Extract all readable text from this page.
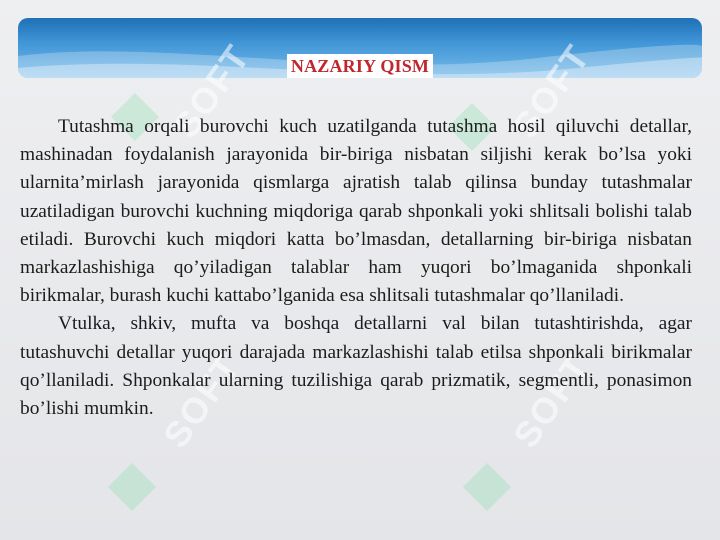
SOFT	SOFT
SOFT	SOFT
NAZARIY QISM

Tutashma orqali burovchi kuch uzatilganda tutashma hosil qiluvchi detallar, mashinadan foydalanish jarayonida bir-biriga nisbatan siljishi kerak bo’lsa yoki ularnita’mirlash jarayonida qismlarga ajratish talab qilinsa bunday tutashmalar uzatiladigan burovchi kuchning miqdoriga qarab shponkali yoki shlitsali bolishi talab etiladi. Burovchi kuch miqdori katta bo’lmasdan, detallarning bir-biriga nisbatan markazlashishiga qo’yiladigan talablar ham yuqori bo’lmaganida shponkali birikmalar, burash kuchi kattabo’lganida esa shlitsali tutashmalar qo’llaniladi.

Vtulka, shkiv, mufta va boshqa detallarni val bilan tutashtirishda, agar tutashuvchi detallar yuqori darajada markazlashishi talab etilsa shponkali birikmalar qo’llaniladi. Shponkalar ularning tuzilishiga qarab prizmatik, segmentli, ponasimon bo’lishi mumkin.
